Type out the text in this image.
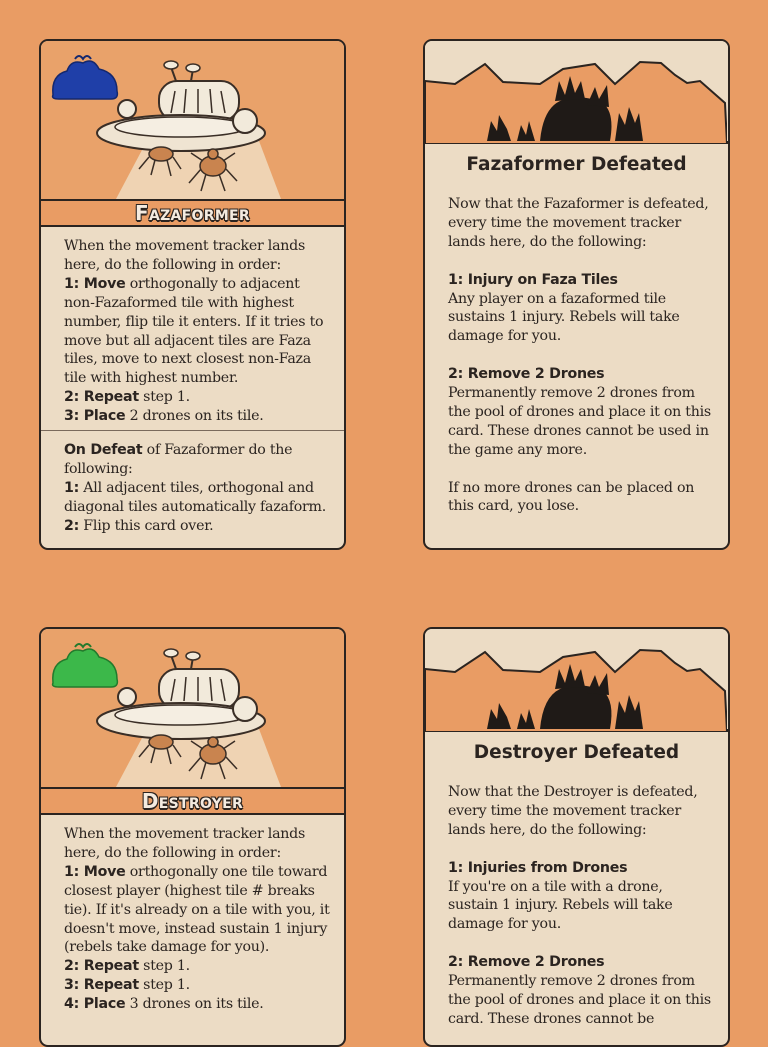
Fazaformer

When the movement tracker lands here, do the following in order:
1: Move orthogonally to adjacent non-Fazaformed tile with highest number, flip tile it enters. If it tries to move but all adjacent tiles are Faza tiles, move to next closest non-Faza tile with highest number.
2: Repeat step 1.
3: Place 2 drones on its tile.

On Defeat of Fazaformer do the following:
1: All adjacent tiles, orthogonal and diagonal tiles automatically fazaform.
2: Flip this card over.

Fazaformer Defeated

Now that the Fazaformer is defeated, every time the movement tracker lands here, do the following:

1: Injury on Faza Tiles

Any player on a fazaformed tile sustains 1 injury. Rebels will take damage for you.

2: Remove 2 Drones

Permanently remove 2 drones from the pool of drones and place it on this card. These drones cannot be used in the game any more.

If no more drones can be placed on this card, you lose.

Destroyer

When the movement tracker lands here, do the following in order:
1: Move orthogonally one tile toward closest player (highest tile # breaks tie). If it's already on a tile with you, it doesn't move, instead sustain 1 injury (rebels take damage for you).
2: Repeat step 1.
3: Repeat step 1.
4: Place 3 drones on its tile.

Destroyer Defeated

Now that the Destroyer is defeated, every time the movement tracker lands here, do the following:

1: Injuries from Drones

If you're on a tile with a drone, sustain 1 injury. Rebels will take damage for you.

2: Remove 2 Drones

Permanently remove 2 drones from the pool of drones and place it on this card. These drones cannot be
